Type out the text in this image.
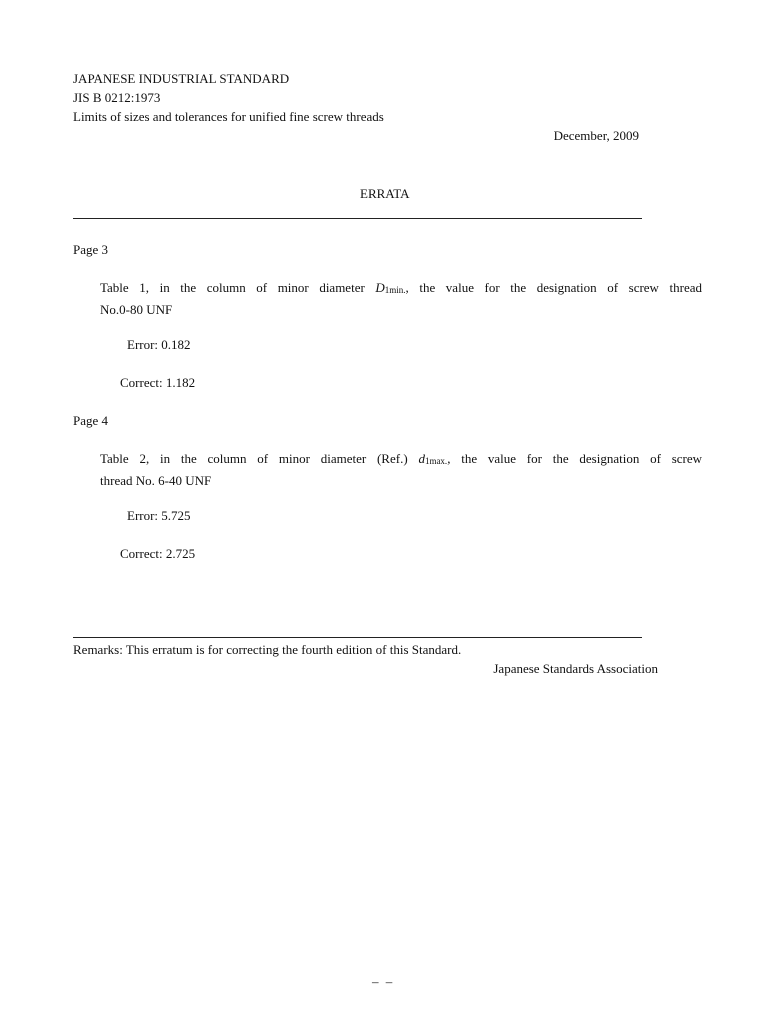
JAPANESE INDUSTRIAL STANDARD
JIS B 0212:1973
Limits of sizes and tolerances for unified fine screw threads
December, 2009
ERRATA
Page 3
Table 1, in the column of minor diameter D1min., the value for the designation of screw thread
No.0-80 UNF
Error: 0.182
Correct: 1.182
Page 4
Table 2, in the column of minor diameter (Ref.) d1max., the value for the designation of screw
thread No. 6-40 UNF
Error: 5.725
Correct: 2.725
Remarks: This erratum is for correcting the fourth edition of this Standard.
Japanese Standards Association
– –
